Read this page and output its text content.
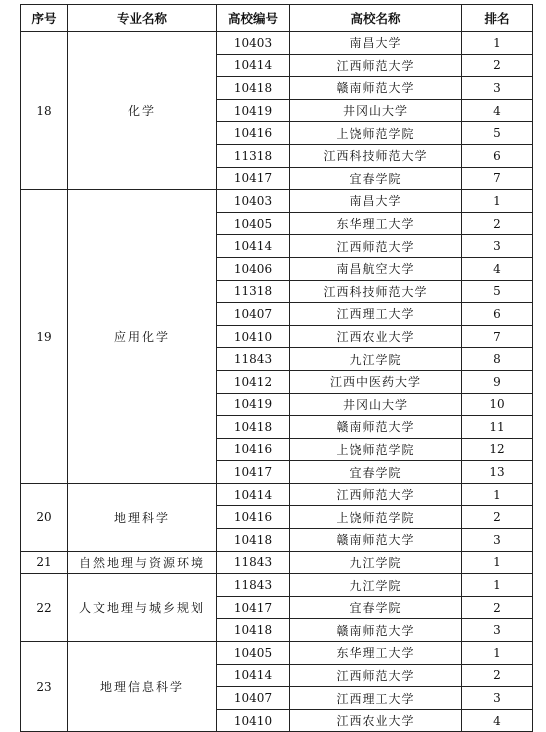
序号	专业名称	高校编号	高校名称	排名
18	化学	10403	南昌大学	1
		10414	江西师范大学	2
		10418	赣南师范大学	3
		10419	井冈山大学	4
		10416	上饶师范学院	5
		11318	江西科技师范大学	6
		10417	宜春学院	7
19	应用化学	10403	南昌大学	1
		10405	东华理工大学	2
		10414	江西师范大学	3
		10406	南昌航空大学	4
		11318	江西科技师范大学	5
		10407	江西理工大学	6
		10410	江西农业大学	7
		11843	九江学院	8
		10412	江西中医药大学	9
		10419	井冈山大学	10
		10418	赣南师范大学	11
		10416	上饶师范学院	12
		10417	宜春学院	13
20	地理科学	10414	江西师范大学	1
		10416	上饶师范学院	2
		10418	赣南师范大学	3
21	自然地理与资源环境	11843	九江学院	1
22	人文地理与城乡规划	11843	九江学院	1
		10417	宜春学院	2
		10418	赣南师范大学	3
23	地理信息科学	10405	东华理工大学	1
		10414	江西师范大学	2
		10407	江西理工大学	3
		10410	江西农业大学	4
